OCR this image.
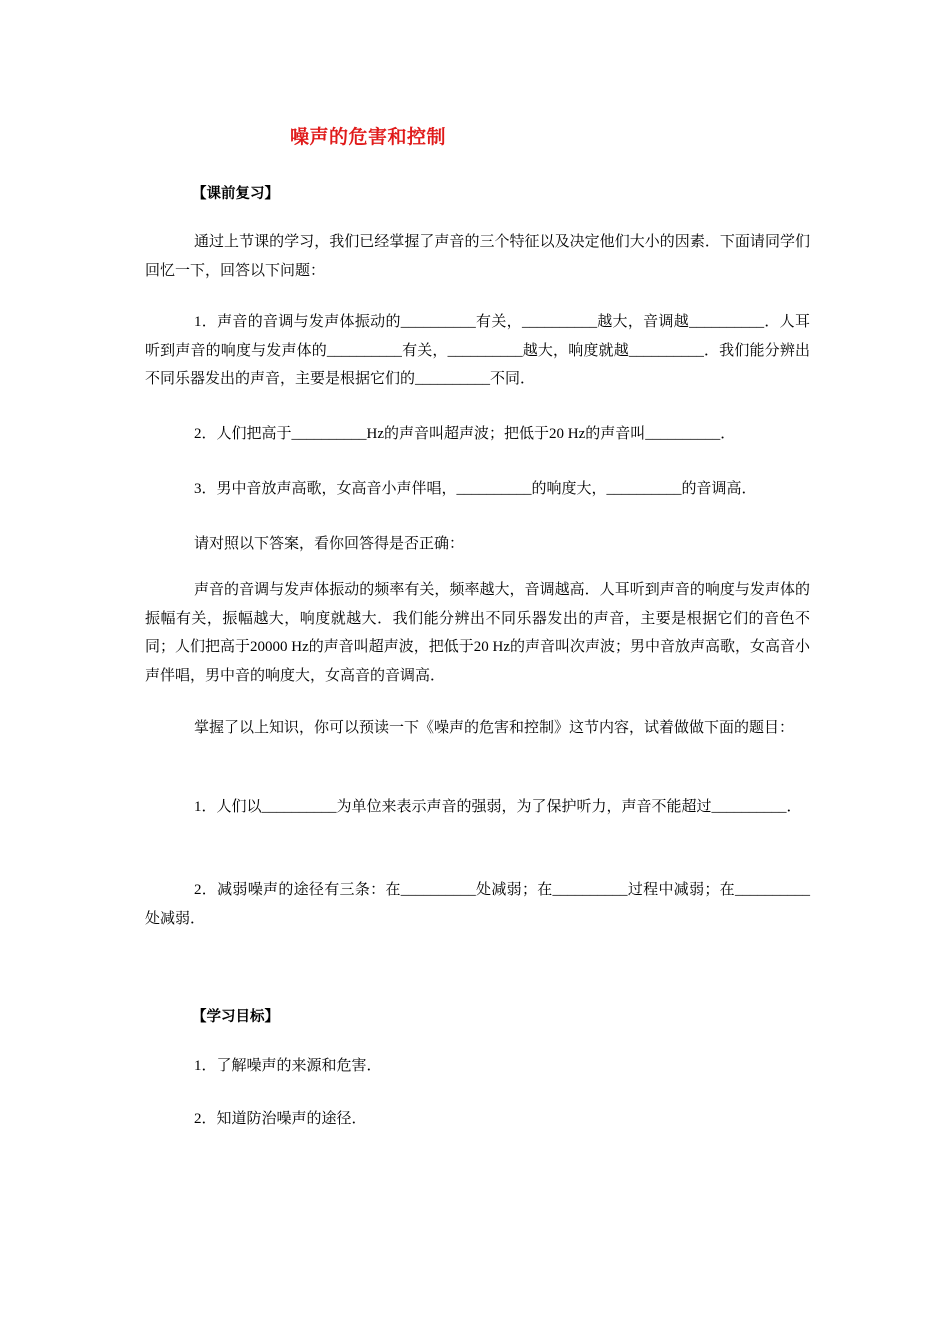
噪声的危害和控制
【课前复习】

通过上节课的学习，我们已经掌握了声音的三个特征以及决定他们大小的因素．下面请同学们回忆一下，回答以下问题：

1．声音的音调与发声体振动的__________有关，__________越大，音调越__________．人耳听到声音的响度与发声体的__________有关，__________越大，响度就越__________．我们能分辨出不同乐器发出的声音，主要是根据它们的__________不同．

2．人们把高于__________Hz的声音叫超声波；把低于20 Hz的声音叫__________．

3．男中音放声高歌，女高音小声伴唱，__________的响度大，__________的音调高．

请对照以下答案，看你回答得是否正确：

声音的音调与发声体振动的频率有关，频率越大，音调越高．人耳听到声音的响度与发声体的振幅有关，振幅越大，响度就越大．我们能分辨出不同乐器发出的声音，主要是根据它们的音色不同；人们把高于20000 Hz的声音叫超声波，把低于20 Hz的声音叫次声波；男中音放声高歌，女高音小声伴唱，男中音的响度大，女高音的音调高．

掌握了以上知识，你可以预读一下《噪声的危害和控制》这节内容，试着做做下面的题目：

1．人们以__________为单位来表示声音的强弱，为了保护听力，声音不能超过__________．

2．减弱噪声的途径有三条：在__________处减弱；在__________过程中减弱；在__________处减弱．

【学习目标】

1．了解噪声的来源和危害．

2．知道防治噪声的途径．
